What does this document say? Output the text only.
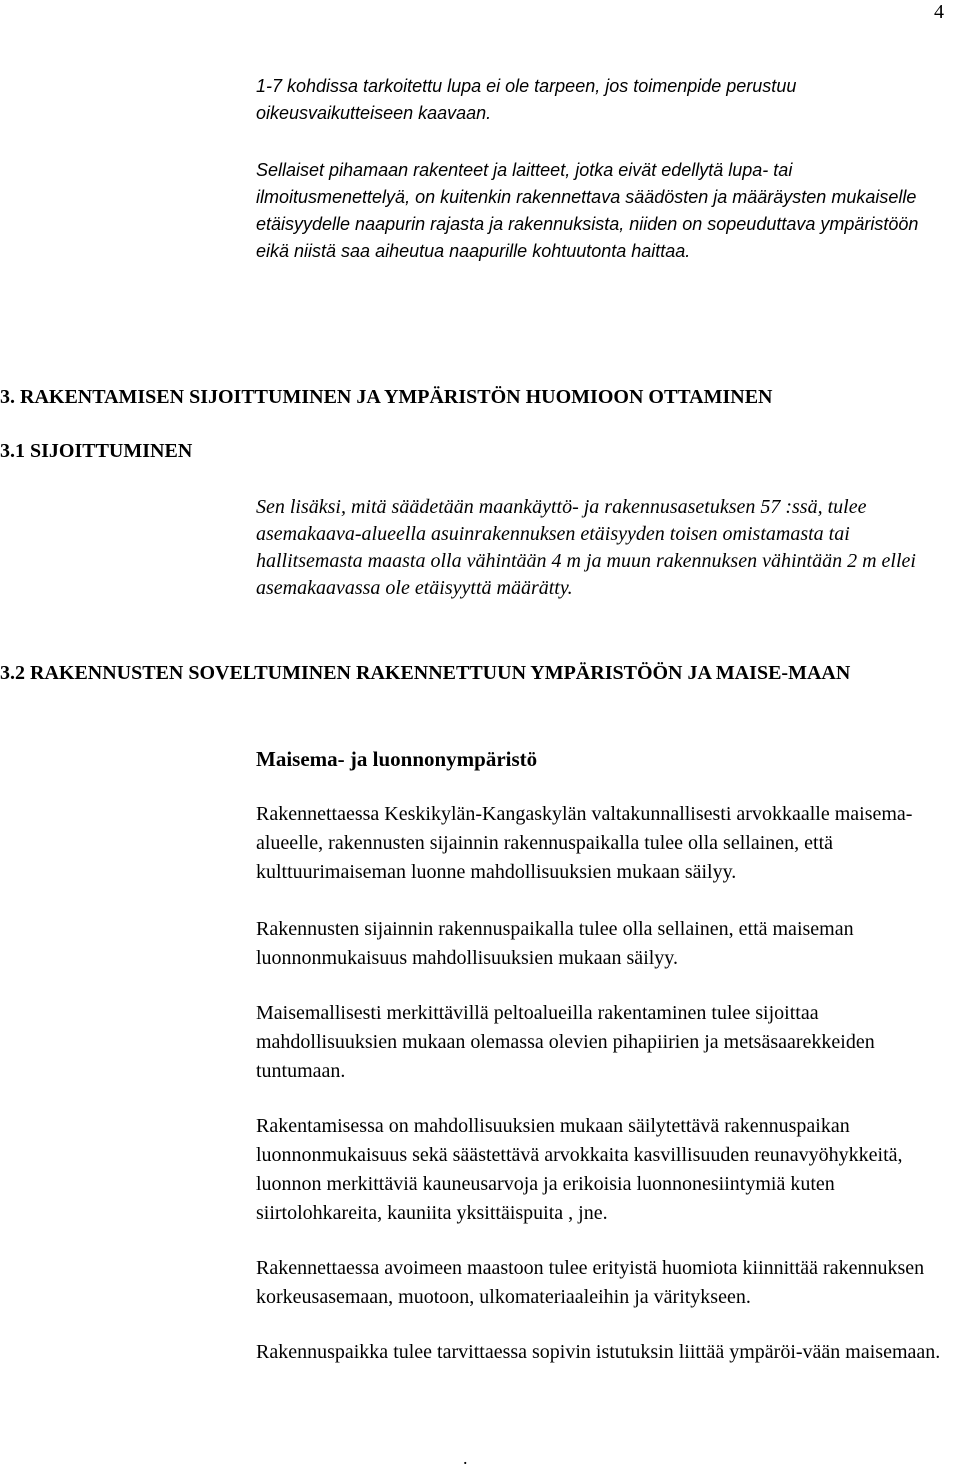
4

1-7 kohdissa tarkoitettu lupa ei ole tarpeen, jos toimenpide perustuu oikeusvaikutteiseen kaavaan.

Sellaiset pihamaan rakenteet ja laitteet, jotka eivät edellytä lupa- tai ilmoitusmenettelyä, on kuitenkin rakennettava säädösten ja määräysten mukaiselle etäisyydelle naapurin rajasta ja rakennuksista, niiden on sopeuduttava ympäristöön eikä niistä saa aiheutua naapurille kohtuutonta haittaa.

3. RAKENTAMISEN SIJOITTUMINEN JA YMPÄRISTÖN HUOMIOON OTTAMINEN
3.1 SIJOITTUMINEN

Sen lisäksi, mitä säädetään maankäyttö- ja rakennusasetuksen 57 :ssä, tulee asemakaava-alueella asuinrakennuksen etäisyyden toisen omistamasta tai hallitsemasta maasta olla vähintään 4 m ja muun rakennuksen vähintään 2 m ellei asemakaavassa ole etäisyyttä määrätty.

3.2 RAKENNUSTEN SOVELTUMINEN RAKENNETTUUN YMPÄRISTÖÖN JA MAISE-MAAN
Maisema- ja luonnonympäristö

Rakennettaessa Keskikylän-Kangaskylän valtakunnallisesti arvokkaalle maisema-alueelle, rakennusten sijainnin rakennuspaikalla tulee olla sellainen, että kulttuurimaiseman luonne mahdollisuuksien mukaan säilyy.

Rakennusten sijainnin rakennuspaikalla tulee olla sellainen, että maiseman luonnonmukaisuus mahdollisuuksien mukaan säilyy.

Maisemallisesti merkittävillä peltoalueilla rakentaminen tulee sijoittaa mahdollisuuksien mukaan olemassa olevien pihapiirien ja metsäsaarekkeiden tuntumaan.

Rakentamisessa on mahdollisuuksien mukaan säilytettävä rakennuspaikan luonnonmukaisuus sekä säästettävä arvokkaita kasvillisuuden reunavyöhykkeitä, luonnon merkittäviä kauneusarvoja ja erikoisia luonnonesiintymiä kuten siirtolohkareita, kauniita yksittäispuita , jne.

Rakennettaessa avoimeen maastoon tulee erityistä huomiota kiinnittää rakennuksen korkeusasemaan, muotoon, ulkomateriaaleihin ja väritykseen.

Rakennuspaikka tulee tarvittaessa sopivin istutuksin liittää ympäröi-vään maisemaan.

.
